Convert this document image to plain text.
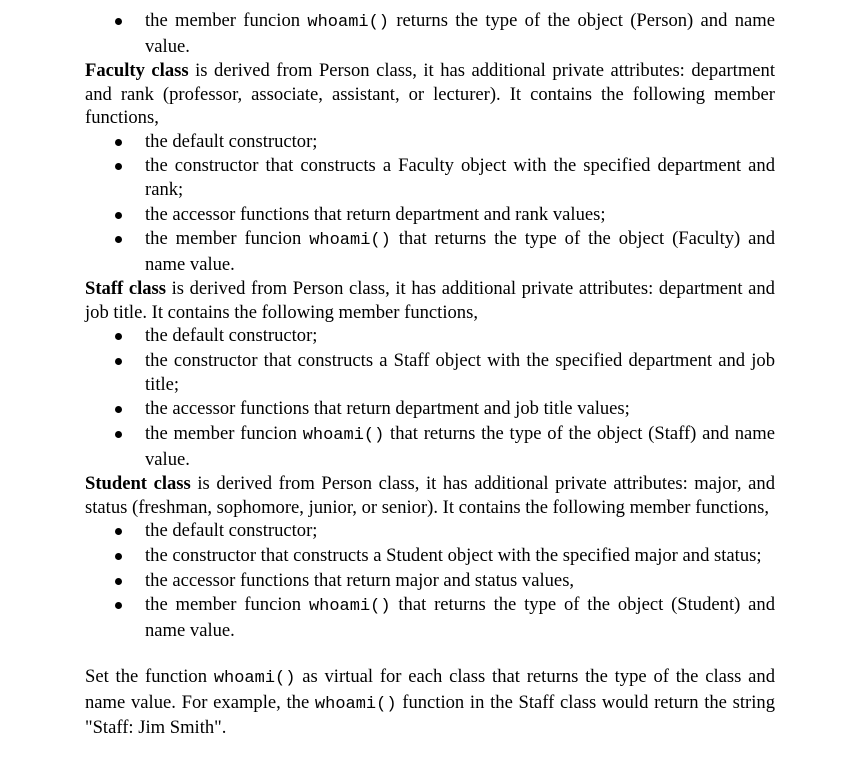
the member funcion whoami() returns the type of the object (Person) and name value.

Faculty class is derived from Person class, it has additional private attributes: department and rank (professor, associate, assistant, or lecturer). It contains the following member functions,

the default constructor;
the constructor that constructs a Faculty object with the specified department and rank;
the accessor functions that return department and rank values;
the member funcion whoami() that returns the type of the object (Faculty) and name value.

Staff class is derived from Person class, it has additional private attributes: department and job title. It contains the following member functions,

the default constructor;
the constructor that constructs a Staff object with the specified department and job title;
the accessor functions that return department and job title values;
the member funcion whoami() that returns the type of the object (Staff) and name value.

Student class is derived from Person class, it has additional private attributes: major, and status (freshman, sophomore, junior, or senior). It contains the following member functions,

the default constructor;
the constructor that constructs a Student object with the specified major and status;
the accessor functions that return major and status values,
the member funcion whoami() that returns the type of the object (Student) and name value.

Set the function whoami() as virtual for each class that returns the type of the class and name value. For example, the whoami() function in the Staff class would return the string "Staff: Jim Smith".
